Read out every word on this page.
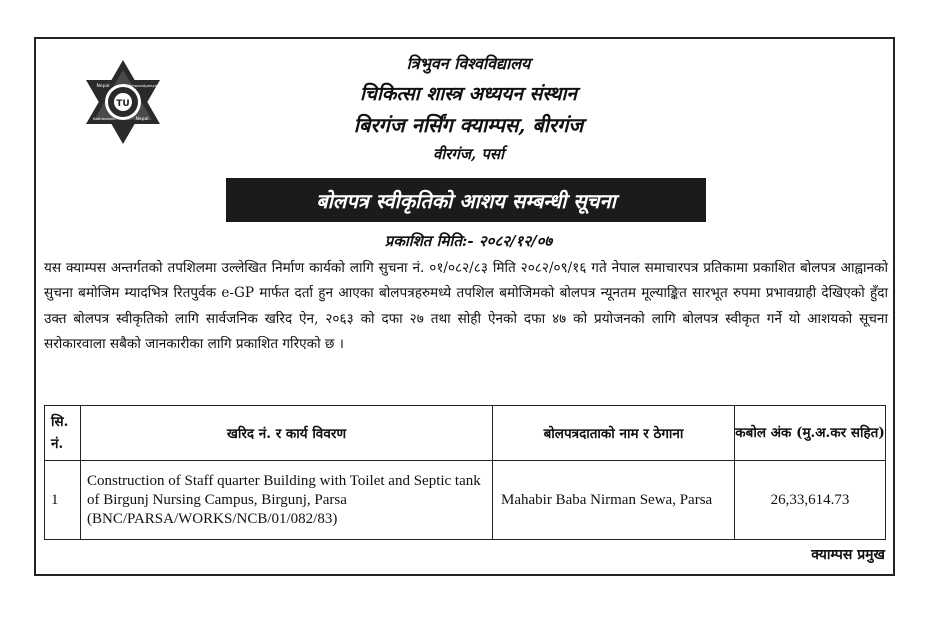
TU
Nepal	Vishwavidyalaya
Kathmandu	Nepal
त्रिभुवन विश्वविद्यालय
चिकित्सा शास्त्र अध्ययन संस्थान
बिरगंज नर्सिंग क्याम्पस, बीरगंज
वीरगंज, पर्सा
बोलपत्र स्वीकृतिको आशय सम्बन्धी सूचना
प्रकाशित मिति:- २०८२/१२/०७
यस क्याम्पस अन्तर्गतको तपशिलमा उल्लेखित निर्माण कार्यको लागि सुचना नं. ०१/०८२/८३ मिति २०८२/०९/१६ गते नेपाल समाचारपत्र प्रतिकामा प्रकाशित बोलपत्र आह्वानको सुचना बमोजिम म्यादभित्र रितपुर्वक e-GP मार्फत दर्ता हुन आएका बोलपत्रहरुमध्ये तपशिल बमोजिमको बोलपत्र न्यूनतम मूल्याङ्कित सारभूत रुपमा प्रभावग्राही देखिएको हुँदा उक्त बोलपत्र स्वीकृतिको लागि सार्वजनिक खरिद ऐन, २०६३ को दफा २७ तथा सोही ऐनको दफा ४७ को प्रयोजनको लागि बोलपत्र स्वीकृत गर्ने यो आशयको सूचना सरोकारवाला सबैको जानकारीका लागि प्रकाशित गरिएको छ ।
सि. नं.	खरिद नं. र कार्य विवरण	बोलपत्रदाताको नाम र ठेगाना	कबोल अंक (मु.अ.कर सहित)
1	Construction of Staff quarter Building with Toilet and Septic tank of Birgunj Nursing Campus, Birgunj, Parsa (BNC/PARSA/WORKS/NCB/01/082/83)	Mahabir Baba Nirman Sewa, Parsa	26,33,614.73
क्याम्पस प्रमुख
